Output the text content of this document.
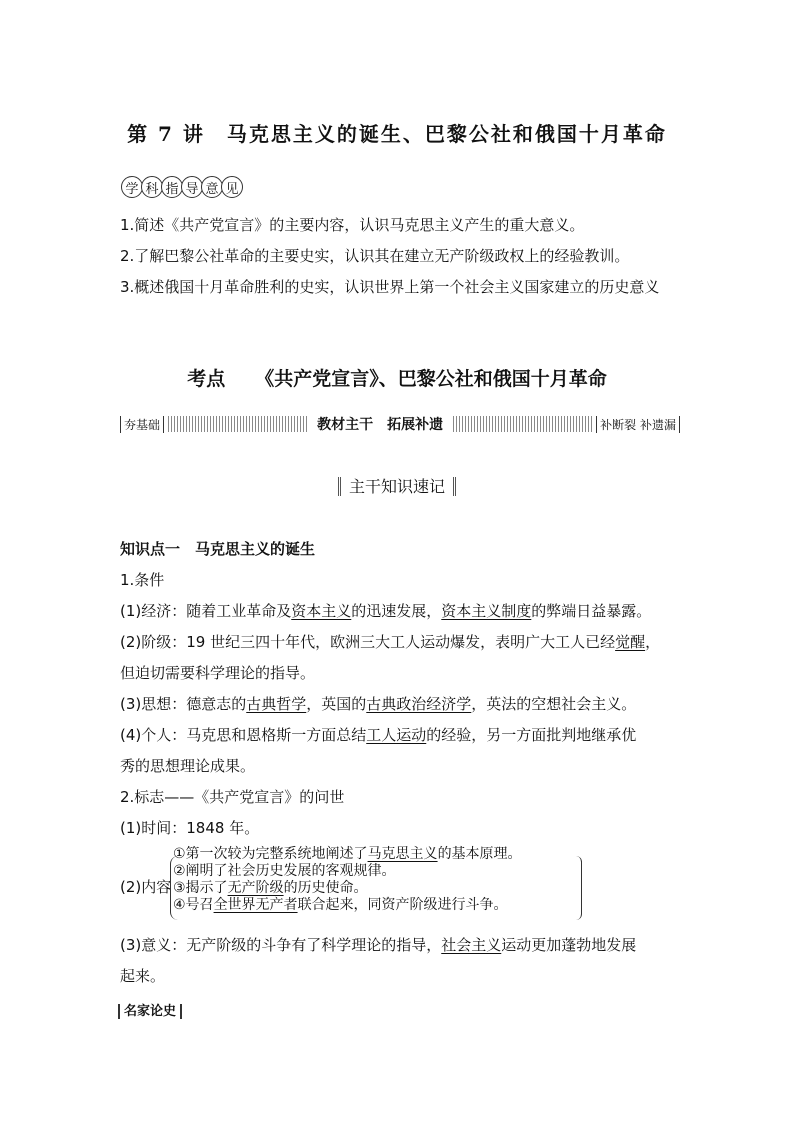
第 7 讲　马克思主义的诞生、巴黎公社和俄国十月革命
学 科 指 导 意 见
1.简述《共产党宣言》的主要内容，认识马克思主义产生的重大意义。
2.了解巴黎公社革命的主要史实，认识其在建立无产阶级政权上的经验教训。
3.概述俄国十月革命胜利的史实，认识世界上第一个社会主义国家建立的历史意义
考点 《共产党宣言》、巴黎公社和俄国十月革命
夯基础	教材主干　拓展补遗	补断裂 补遗漏
主干知识速记
知识点一　马克思主义的诞生
1.条件
(1)经济：随着工业革命及资本主义的迅速发展，资本主义制度的弊端日益暴露。
(2)阶级：19 世纪三四十年代，欧洲三大工人运动爆发，表明广大工人已经觉醒，
但迫切需要科学理论的指导。
(3)思想：德意志的古典哲学，英国的古典政治经济学，英法的空想社会主义。
(4)个人：马克思和恩格斯一方面总结工人运动的经验，另一方面批判地继承优
秀的思想理论成果。
2.标志——《共产党宣言》的问世
(1)时间：1848 年。
(2)内容
①第一次较为完整系统地阐述了马克思主义的基本原理。
②阐明了社会历史发展的客观规律。
③揭示了无产阶级的历史使命。
④号召全世界无产者联合起来，同资产阶级进行斗争。
(3)意义：无产阶级的斗争有了科学理论的指导，社会主义运动更加蓬勃地发展
起来。
名家论史
